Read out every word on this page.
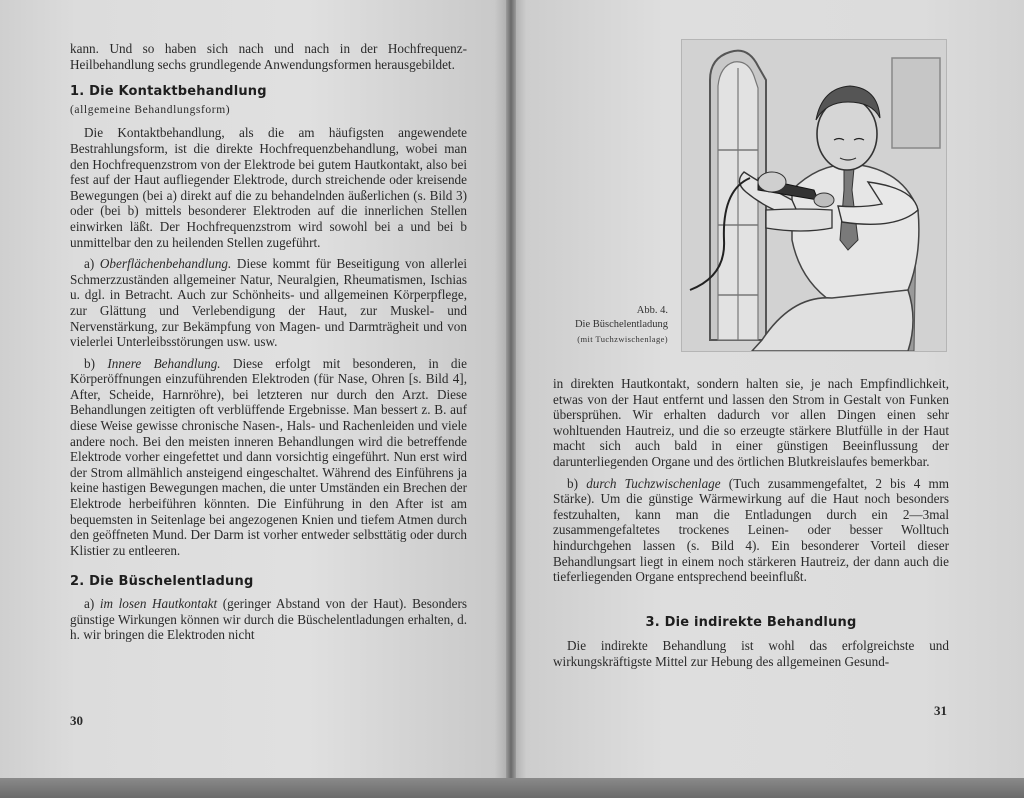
kann. Und so haben sich nach und nach in der Hochfrequenz-Heilbehandlung sechs grundlegende Anwendungsformen herausgebildet.

1. Die Kontaktbehandlung
(allgemeine Behandlungsform)

Die Kontaktbehandlung, als die am häufigsten angewendete Bestrahlungsform, ist die direkte Hochfrequenzbehandlung, wobei man den Hochfrequenzstrom von der Elektrode bei gutem Hautkontakt, also bei fest auf der Haut aufliegender Elektrode, durch streichende oder kreisende Bewegungen (bei a) direkt auf die zu behandelnden äußerlichen (s. Bild 3) oder (bei b) mittels besonderer Elektroden auf die innerlichen Stellen einwirken läßt. Der Hochfrequenzstrom wird sowohl bei a und bei b unmittelbar den zu heilenden Stellen zugeführt.

a) Oberflächenbehandlung. Diese kommt für Beseitigung von allerlei Schmerzzuständen allgemeiner Natur, Neuralgien, Rheumatismen, Ischias u. dgl. in Betracht. Auch zur Schönheits- und allgemeinen Körperpflege, zur Glättung und Verlebendigung der Haut, zur Muskel- und Nervenstärkung, zur Bekämpfung von Magen- und Darmträgheit und von vielerlei Unterleibsstörungen usw. usw.

b) Innere Behandlung. Diese erfolgt mit besonderen, in die Körperöffnungen einzuführenden Elektroden (für Nase, Ohren [s. Bild 4], After, Scheide, Harnröhre), bei letzteren nur durch den Arzt. Diese Behandlungen zeitigten oft verblüffende Ergebnisse. Man bessert z. B. auf diese Weise gewisse chronische Nasen-, Hals- und Rachenleiden und viele andere noch. Bei den meisten inneren Behandlungen wird die betreffende Elektrode vorher eingefettet und dann vorsichtig eingeführt. Nun erst wird der Strom allmählich ansteigend eingeschaltet. Während des Einführens ja keine hastigen Bewegungen machen, die unter Umständen ein Brechen der Elektrode herbeiführen könnten. Die Einführung in den After ist am bequemsten in Seitenlage bei angezogenen Knien und tiefem Atmen durch den geöffneten Mund. Der Darm ist vorher entweder selbsttätig oder durch Klistier zu entleeren.

2. Die Büschelentladung

a) im losen Hautkontakt (geringer Abstand von der Haut). Besonders günstige Wirkungen können wir durch die Büschelentladungen erhalten, d. h. wir bringen die Elektroden nicht

30
Abb. 4.
Die Büschelentladung
(mit Tuchzwischenlage)

in direkten Hautkontakt, sondern halten sie, je nach Empfindlichkeit, etwas von der Haut entfernt und lassen den Strom in Gestalt von Funken übersprühen. Wir erhalten dadurch vor allen Dingen einen sehr wohltuenden Hautreiz, und die so erzeugte stärkere Blutfülle in der Haut macht sich auch bald in einer günstigen Beeinflussung der darunterliegenden Organe und des örtlichen Blutkreislaufes bemerkbar.

b) durch Tuchzwischenlage (Tuch zusammengefaltet, 2 bis 4 mm Stärke). Um die günstige Wärmewirkung auf die Haut noch besonders festzuhalten, kann man die Entladungen durch ein 2—3mal zusammengefaltetes trockenes Leinen- oder besser Wolltuch hindurchgehen lassen (s. Bild 4). Ein besonderer Vorteil dieser Behandlungsart liegt in einem noch stärkeren Hautreiz, der dann auch die tieferliegenden Organe entsprechend beeinflußt.

3. Die indirekte Behandlung

Die indirekte Behandlung ist wohl das erfolgreichste und wirkungskräftigste Mittel zur Hebung des allgemeinen Gesund-

31
